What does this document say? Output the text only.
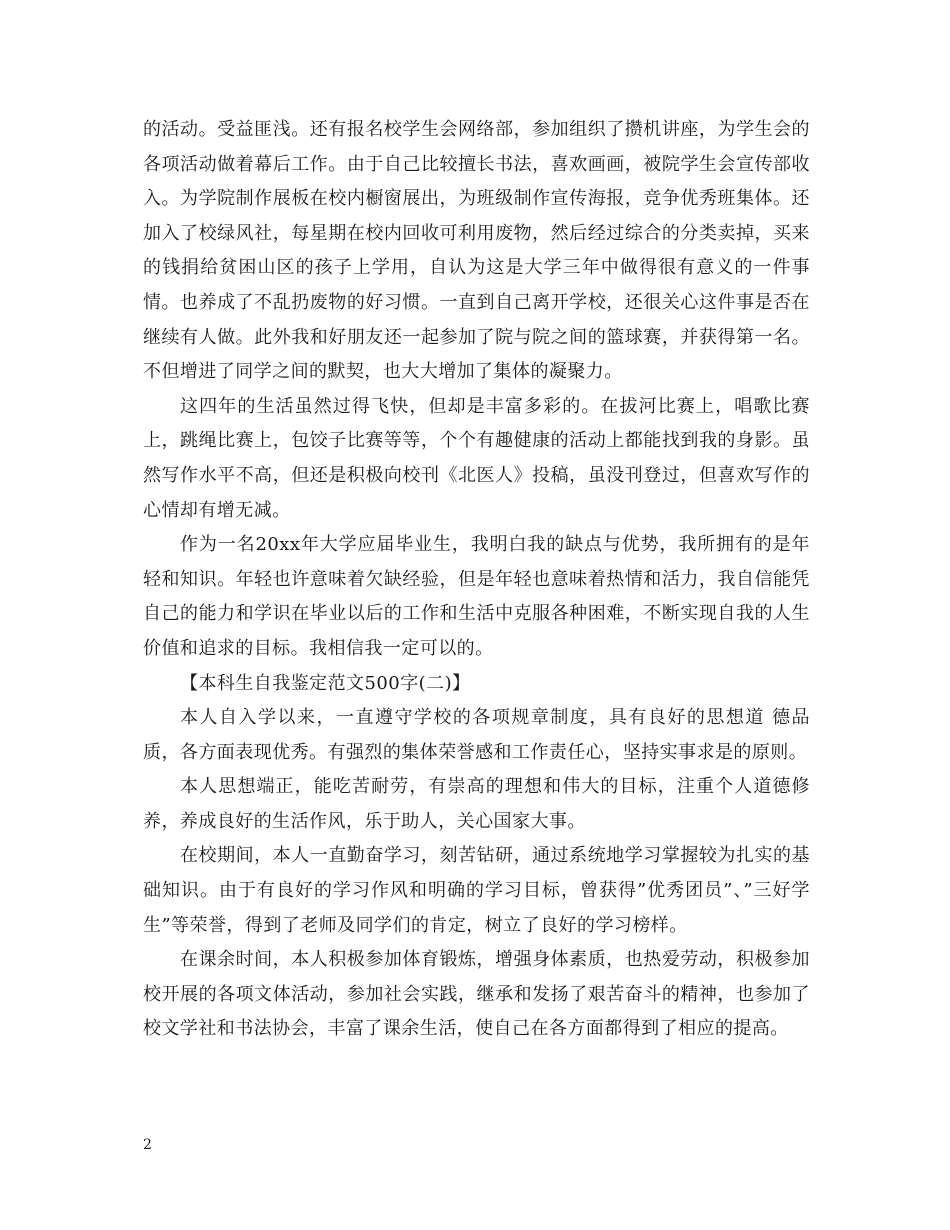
的活动。受益匪浅。还有报名校学生会网络部，参加组织了攒机讲座，为学生会的各项活动做着幕后工作。由于自己比较擅长书法，喜欢画画，被院学生会宣传部收入。为学院制作展板在校内橱窗展出，为班级制作宣传海报，竞争优秀班集体。还加入了校绿风社，每星期在校内回收可利用废物，然后经过综合的分类卖掉，买来的钱捐给贫困山区的孩子上学用，自认为这是大学三年中做得很有意义的一件事情。也养成了不乱扔废物的好习惯。一直到自己离开学校，还很关心这件事是否在继续有人做。此外我和好朋友还一起参加了院与院之间的篮球赛，并获得第一名。不但增进了同学之间的默契，也大大增加了集体的凝聚力。

这四年的生活虽然过得飞快，但却是丰富多彩的。在拔河比赛上，唱歌比赛上，跳绳比赛上，包饺子比赛等等，个个有趣健康的活动上都能找到我的身影。虽然写作水平不高，但还是积极向校刊《北医人》投稿，虽没刊登过，但喜欢写作的心情却有增无减。

作为一名20xx年大学应届毕业生，我明白我的缺点与优势，我所拥有的是年轻和知识。年轻也许意味着欠缺经验，但是年轻也意味着热情和活力，我自信能凭自己的能力和学识在毕业以后的工作和生活中克服各种困难，不断实现自我的人生价值和追求的目标。我相信我一定可以的。

【本科生自我鉴定范文500字(二)】

本人自入学以来，一直遵守学校的各项规章制度，具有良好的思想道 德品质，各方面表现优秀。有强烈的集体荣誉感和工作责任心，坚持实事求是的原则。

本人思想端正，能吃苦耐劳，有崇高的理想和伟大的目标，注重个人道德修养，养成良好的生活作风，乐于助人，关心国家大事。

在校期间，本人一直勤奋学习，刻苦钻研，通过系统地学习掌握较为扎实的基础知识。由于有良好的学习作风和明确的学习目标，曾获得”优秀团员”、”三好学生”等荣誉，得到了老师及同学们的肯定，树立了良好的学习榜样。

在课余时间，本人积极参加体育锻炼，增强身体素质，也热爱劳动，积极参加校开展的各项文体活动，参加社会实践，继承和发扬了艰苦奋斗的精神，也参加了校文学社和书法协会，丰富了课余生活，使自己在各方面都得到了相应的提高。

2
